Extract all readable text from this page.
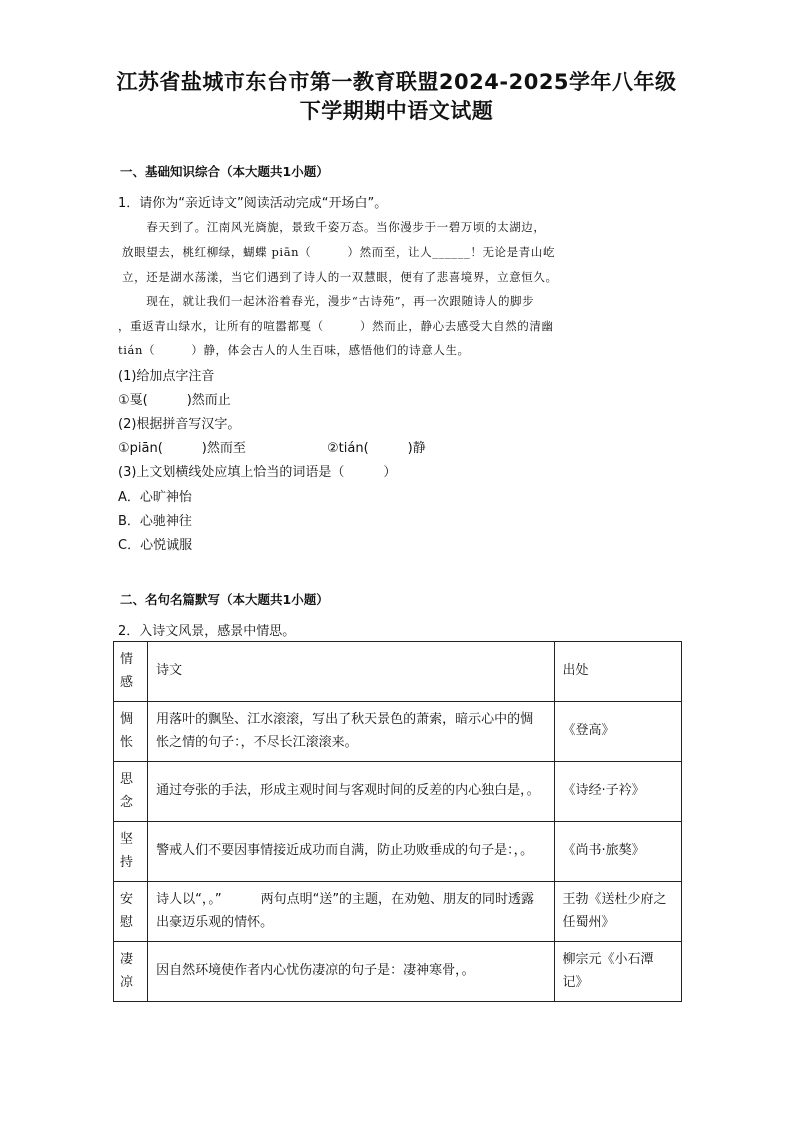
江苏省盐城市东台市第一教育联盟2024-2025学年八年级
下学期期中语文试题
一、基础知识综合（本大题共1小题）
1．请你为“亲近诗文”阅读活动完成“开场白”。
　　春天到了。江南风光旖旎，景致千姿万态。当你漫步于一碧万顷的太湖边，
放眼望去，桃红柳绿，蝴蝶 piān（　　　）然而至，让人______！无论是青山屹
立，还是湖水荡漾，当它们遇到了诗人的一双慧眼，便有了悲喜境界，立意恒久。
　　现在，就让我们一起沐浴着春光，漫步“古诗苑”，再一次跟随诗人的脚步
，重返青山绿水，让所有的喧嚣都戛（　　　）然而止，静心去感受大自然的清幽
tián（　　　）静，体会古人的人生百味，感悟他们的诗意人生。
(1)给加点字注音
①戛(　　　)然而止
(2)根据拼音写汉字。
①piān(　　　)然而至	②tián(　　　)静
(3)上文划横线处应填上恰当的词语是（　　　）
A．心旷神怡
B．心驰神往
C．心悦诚服
二、名句名篇默写（本大题共1小题）
2．入诗文风景，感景中情思。
情感	诗文	出处
惆怅	用落叶的飘坠、江水滚滚，写出了秋天景色的萧索，暗示心中的惆怅之情的句子：，不尽长江滚滚来。	《登高》
思念	通过夸张的手法，形成主观时间与客观时间的反差的内心独白是，。	《诗经·子衿》
坚持	警戒人们不要因事情接近成功而自满，防止功败垂成的句子是：，。	《尚书·旅獒》
安慰	诗人以“，。”　　　两句点明“送”的主题，在劝勉、朋友的同时透露出豪迈乐观的情怀。	王勃《送杜少府之任蜀州》
凄凉	因自然环境使作者内心忧伤凄凉的句子是：凄神寒骨，。	柳宗元《小石潭记》
